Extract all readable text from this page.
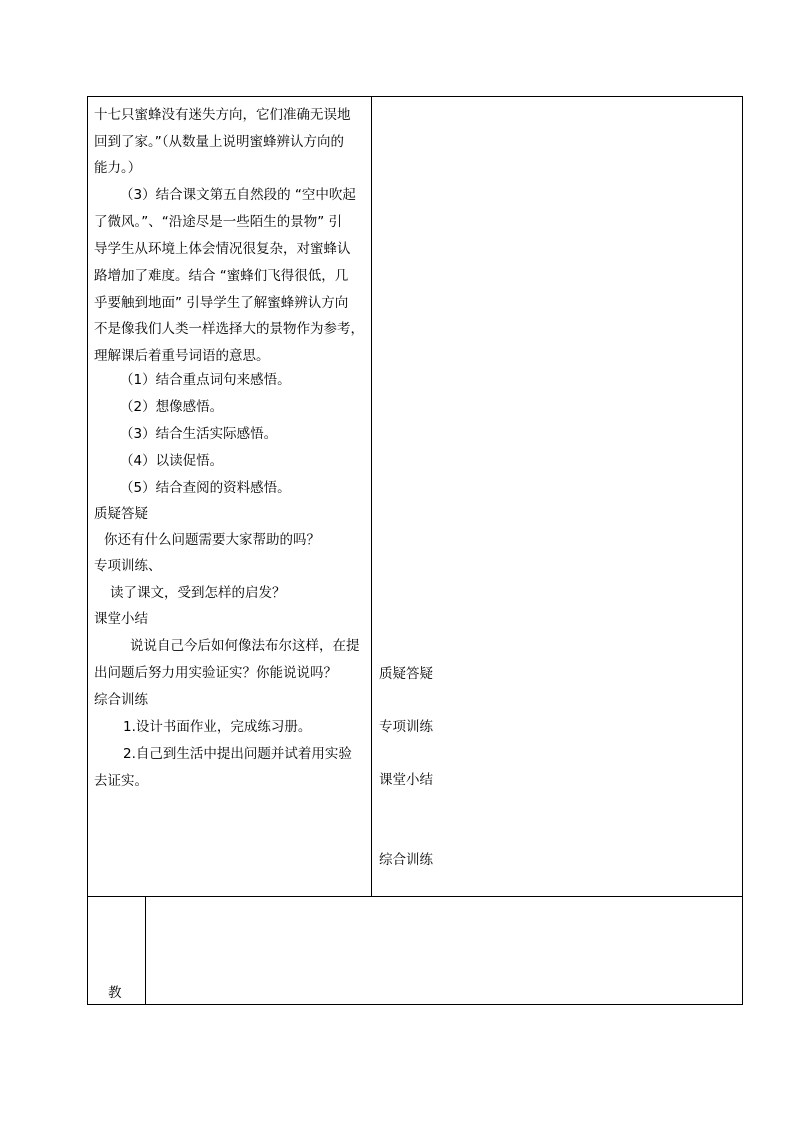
十七只蜜蜂没有迷失方向，它们准确无误地
回到了家。”（从数量上说明蜜蜂辨认方向的
能力。）
（3）结合课文第五自然段的 “空中吹起
了微风。”、“沿途尽是一些陌生的景物” 引
导学生从环境上体会情况很复杂，对蜜蜂认
路增加了难度。结合 “蜜蜂们飞得很低，几
乎要触到地面” 引导学生了解蜜蜂辨认方向
不是像我们人类一样选择大的景物作为参考，
理解课后着重号词语的意思。
（1）结合重点词句来感悟。
（2）想像感悟。
（3）结合生活实际感悟。
（4）以读促悟。
（5）结合查阅的资料感悟。
质疑答疑
你还有什么问题需要大家帮助的吗？
专项训练、
读了课文，受到怎样的启发？
课堂小结
说说自己今后如何像法布尔这样，在提
出问题后努力用实验证实？你能说说吗？
综合训练
1.设计书面作业，完成练习册。
2.自己到生活中提出问题并试着用实验
去证实。
质疑答疑
专项训练
课堂小结
综合训练
教
